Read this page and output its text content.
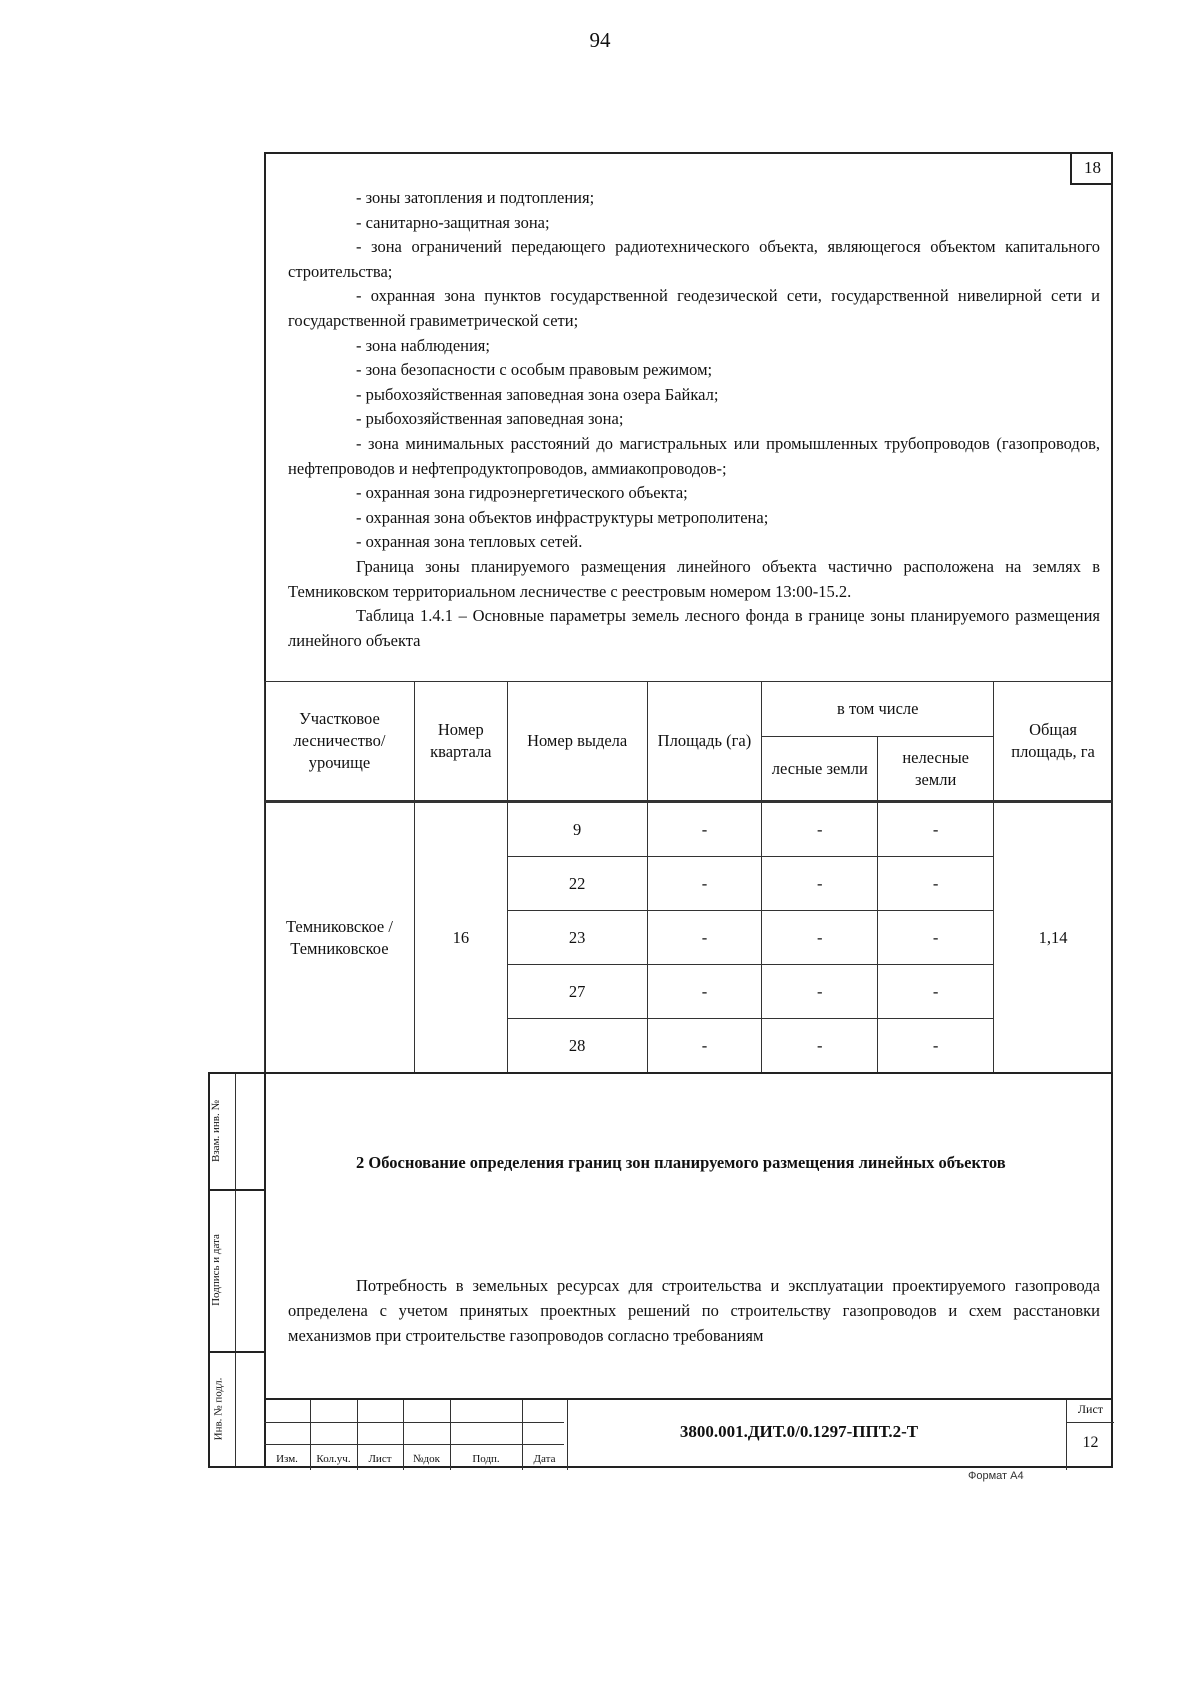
94
18

- зоны затопления и подтопления;

- санитарно-защитная зона;

- зона ограничений передающего радиотехнического объекта, являющегося объектом капитального строительства;

- охранная зона пунктов государственной геодезической сети, государственной нивелирной сети и государственной гравиметрической сети;

- зона наблюдения;

- зона безопасности с особым правовым режимом;

- рыбохозяйственная заповедная зона озера Байкал;

- рыбохозяйственная заповедная зона;

- зона минимальных расстояний до магистральных или промышленных трубопроводов (газопроводов, нефтепроводов и нефтепродуктопроводов, аммиакопроводов-;

- охранная зона гидроэнергетического объекта;

- охранная зона объектов инфраструктуры метрополитена;

- охранная зона тепловых сетей.

Граница зоны планируемого размещения линейного объекта частично расположена на землях в Темниковском территориальном лесничестве с реестровым номером 13:00-15.2.

Таблица 1.4.1 – Основные параметры земель лесного фонда в границе зоны планируемого размещения линейного объекта

Участковое лесничество/урочище	Номер квартала	Номер выдела	Площадь (га)	в том числе		Общая площадь, га
				лесные земли	нелесные земли	
Темниковское / Темниковское	16	9	-	-	-	1,14
		22	-	-	-	
		23	-	-	-	
		27	-	-	-	
		28	-	-	-	
2 Обоснование определения границ зон планируемого размещения линейных объектов
Потребность в земельных ресурсах для строительства и эксплуатации проектируемого газопровода определена с учетом принятых проектных решений по строительству газопроводов и схем расстановки механизмов при строительстве газопроводов согласно требованиям
Взам. инв. №
Подпись и дата
Инв. № подл.
Изм.	Кол.уч.	Лист	№док	Подп.	Дата
3800.001.ДИТ.0/0.1297-ППТ.2-Т
Лист
12
Формат А4
